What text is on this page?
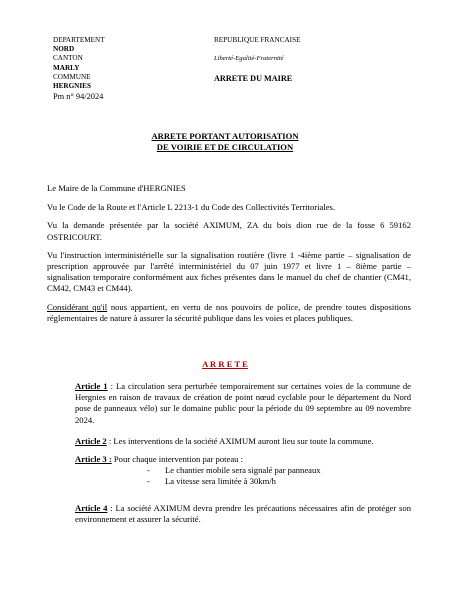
DEPARTEMENT
NORD
CANTON
MARLY
COMMUNE
HERGNIES
Pm n° 94/2024
REPUBLIQUE FRANCAISE
Liberté-Egalité-Fraternité
ARRETE DU MAIRE
ARRETE PORTANT AUTORISATION
DE VOIRIE ET DE CIRCULATION
Le Maire de la Commune d'HERGNIES
Vu le Code de la Route et l'Article L 2213-1 du Code des Collectivités Territoriales.
Vu la demande présentée par la société AXIMUM, ZA du bois dion rue de la fosse 6 59162 OSTRICOURT.
Vu l'instruction interministérielle sur la signalisation routière (livre 1 -4ième partie – signalisation de prescription approuvée par l'arrêté interministériel du 07 juin 1977 et livre 1 – 8ième partie – signalisation temporaire conformément aux fiches présentes dans le manuel du chef de chantier (CM41, CM42, CM43 et CM44).
Considérant qu'il nous appartient, en vertu de nos pouvoirs de police, de prendre toutes dispositions réglementaires de nature à assurer la sécurité publique dans les voies et places publiques.
A R R E T E
Article 1 : La circulation sera perturbée temporairement sur certaines voies de la commune de Hergnies en raison de travaux de création de point nœud cyclable pour le département du Nord pose de panneaux vélo) sur le domaine public pour la période du 09 septembre au 09 novembre 2024.
Article 2 : Les interventions de la société AXIMUM auront lieu sur toute la commune.
Article 3 : Pour chaque intervention par poteau :
-	Le chantier mobile sera signalé par panneaux
-	La vitesse sera limitée à 30km/h
Article 4 : La société AXIMUM devra prendre les précautions nécessaires afin de protéger son environnement et assurer la sécurité.
